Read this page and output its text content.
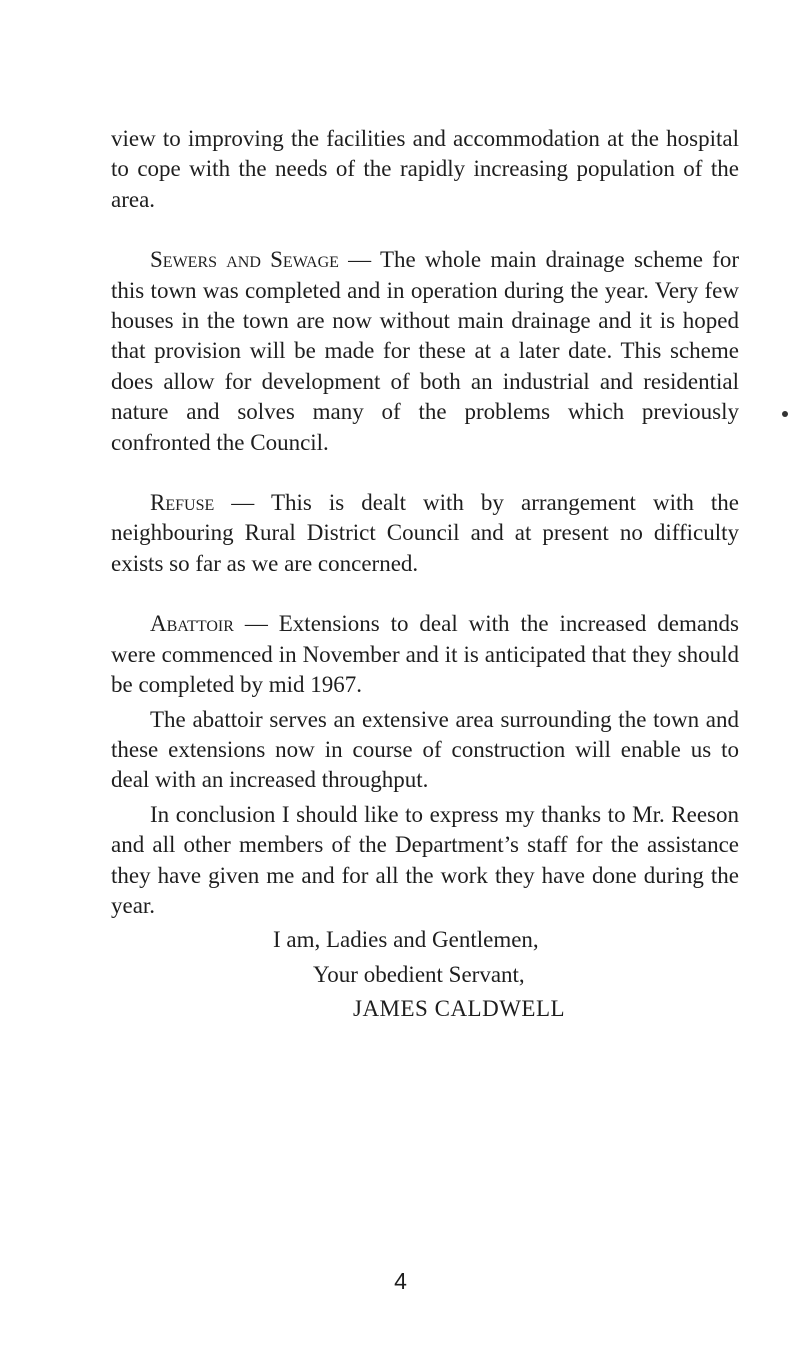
view to improving the facilities and accommodation at the hospital to cope with the needs of the rapidly increasing population of the area.

Sewers and Sewage — The whole main drainage scheme for this town was completed and in operation during the year. Very few houses in the town are now without main drainage and it is hoped that provision will be made for these at a later date. This scheme does allow for development of both an industrial and residential nature and solves many of the problems which previously confronted the Council.

Refuse — This is dealt with by arrangement with the neighbouring Rural District Council and at present no difficulty exists so far as we are concerned.

Abattoir — Extensions to deal with the increased demands were commenced in November and it is anticipated that they should be completed by mid 1967.

The abattoir serves an extensive area surrounding the town and these extensions now in course of construction will enable us to deal with an increased throughput.

In conclusion I should like to express my thanks to Mr. Reeson and all other members of the Department’s staff for the assistance they have given me and for all the work they have done during the year.

I am, Ladies and Gentlemen,

Your obedient Servant,

JAMES CALDWELL

4
